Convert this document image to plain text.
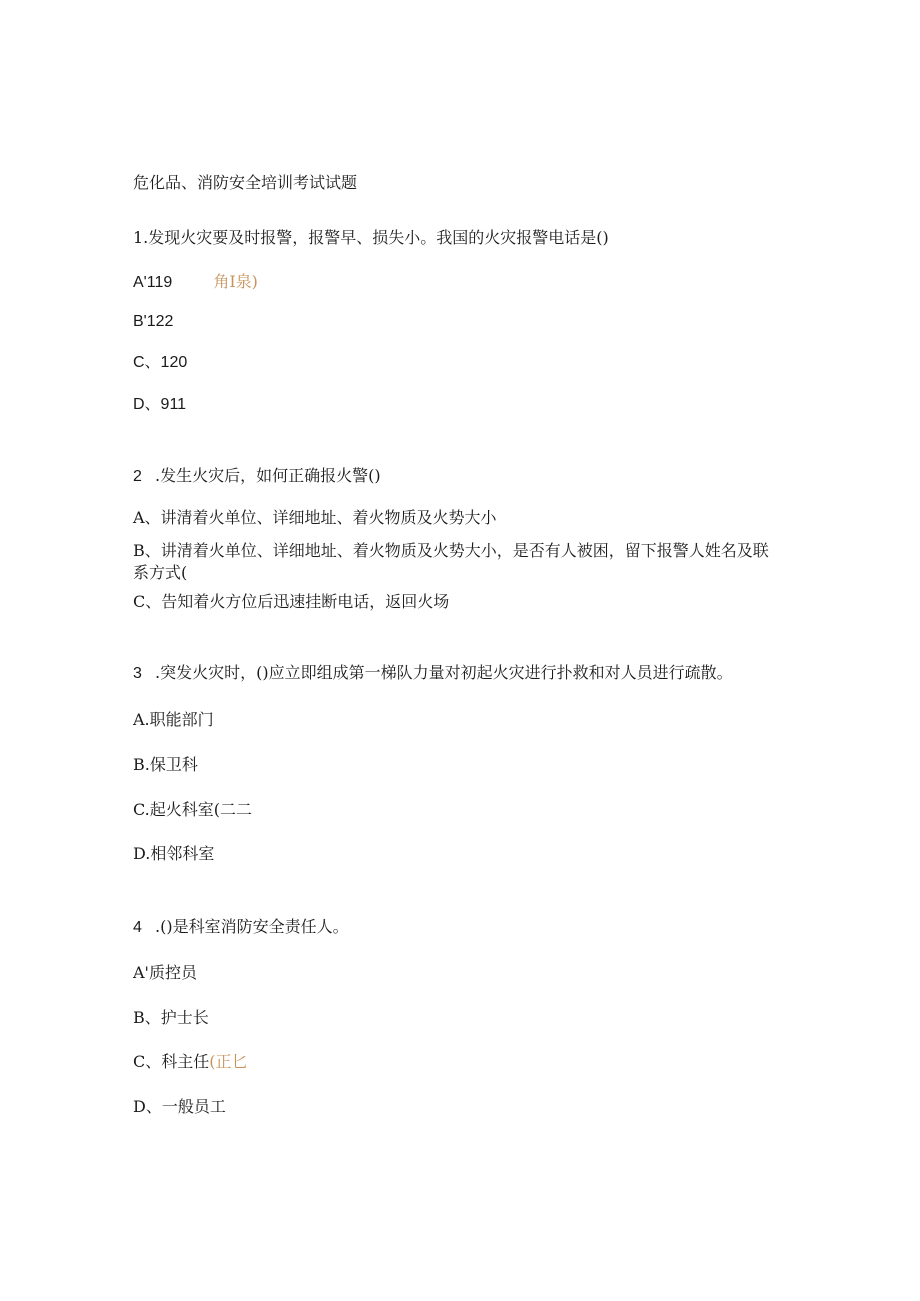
危化品、消防安全培训考试试题
1.发现火灾要及时报警，报警早、损失小。我国的火灾报警电话是()
A'119	角I泉)
B'122
C、120
D、911
2 .发生火灾后，如何正确报火警()
A、讲清着火单位、详细地址、着火物质及火势大小
B、讲清着火单位、详细地址、着火物质及火势大小，是否有人被困，留下报警人姓名及联系方式(
C、告知着火方位后迅速挂断电话，返回火场
3 .突发火灾时，()应立即组成第一梯队力量对初起火灾进行扑救和对人员进行疏散。
A.职能部门
B.保卫科
C.起火科室(二二
D.相邻科室
4 .()是科室消防安全责任人。
A'质控员
B、护士长
C、科主任(正匕
D、一般员工
